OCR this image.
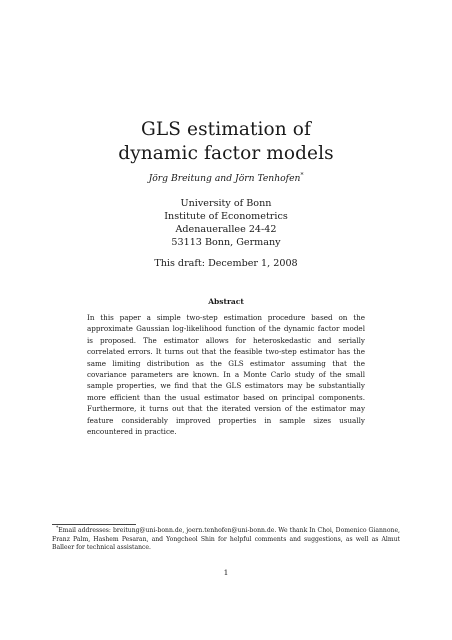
GLS estimation of
dynamic factor models
Jörg Breitung and Jörn Tenhofen*
University of Bonn
Institute of Econometrics
Adenauerallee 24-42
53113 Bonn, Germany
This draft: December 1, 2008
Abstract

In this paper a simple two-step estimation procedure based on the approximate Gaussian log-likelihood function of the dynamic factor model is proposed. The estimator allows for heteroskedastic and serially correlated errors. It turns out that the feasible two-step estimator has the same limiting distribution as the GLS estimator assuming that the covariance parameters are known. In a Monte Carlo study of the small sample properties, we find that the GLS estimators may be substantially more efficient than the usual estimator based on principal components. Furthermore, it turns out that the iterated version of the estimator may feature considerably improved properties in sample sizes usually encountered in practice.

*Email addresses: breitung@uni-bonn.de, joern.tenhofen@uni-bonn.de. We thank In Choi, Domenico Giannone, Franz Palm, Hashem Pesaran, and Yongcheol Shin for helpful comments and suggestions, as well as Almut Balleer for technical assistance.

1
